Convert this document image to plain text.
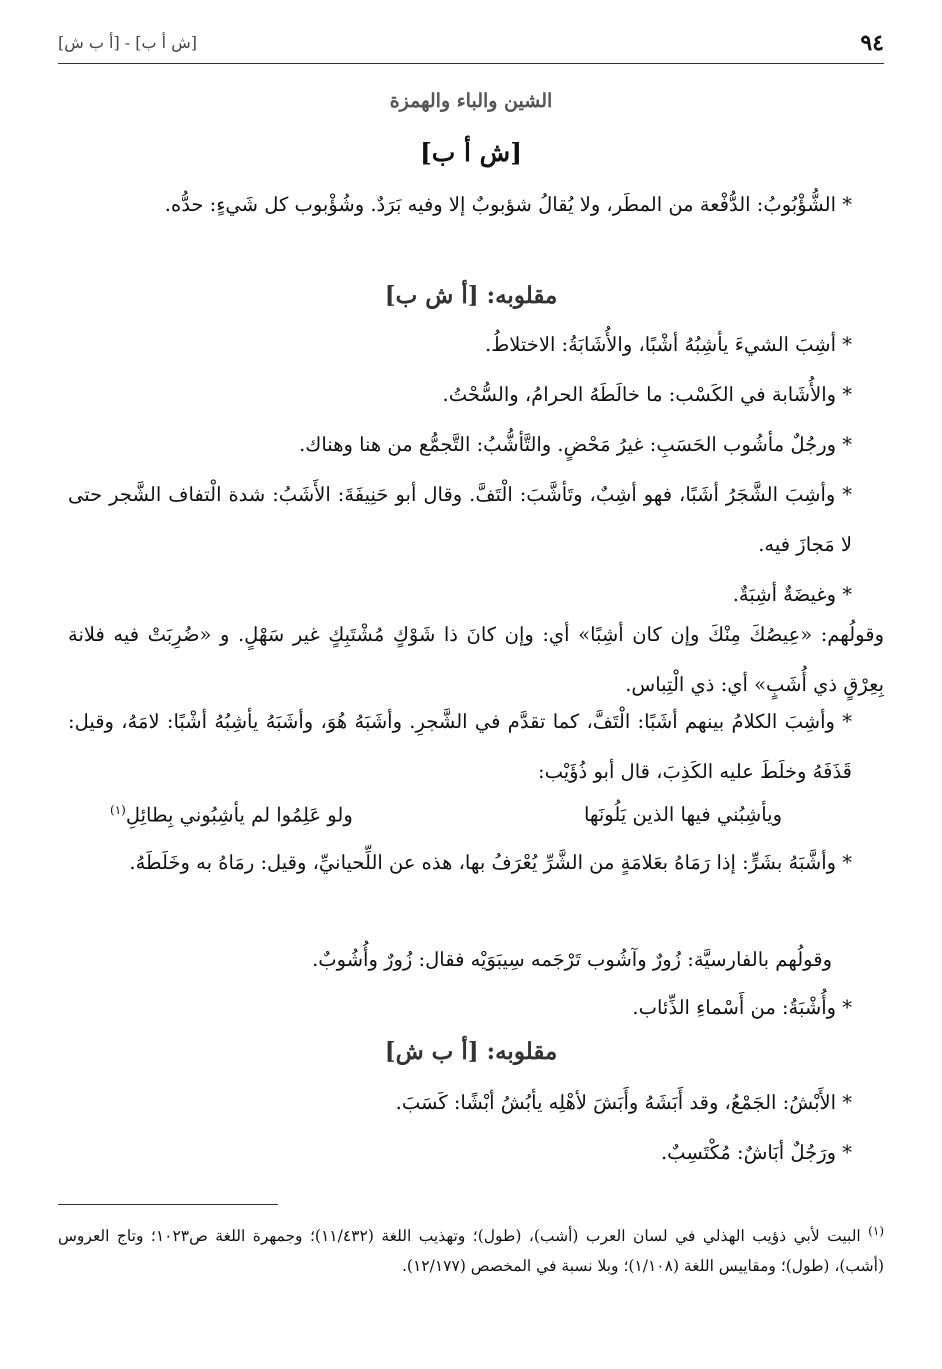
٩٤
[ش أ ب] - [أ ب ش]
الشين والباء والهمزة
[ش أ ب]
* الشُّؤْبُوبُ: الدُّفْعة من المطَر، ولا يُقالُ شؤبوبٌ إلا وفيه بَرَدٌ. وشُؤْبوب كل شَيءٍ: حدُّه.
مقلوبه: [أ ش ب]
* أشِبَ الشيءَ يأشِبُهُ أشْبًا، والأُشَابَةُ: الاختلاطُ.
* والأُشَابة في الكَسْب: ما خالَطَهُ الحرامُ، والسُّحْتُ.
* ورجُلٌ مأشُوب الحَسَبِ: غيرُ مَحْضٍ. والتَّأشُّبُ: التَّجمُّع من هنا وهناك.
* وأشِبَ الشَّجَرُ أشَبًا، فهو أشِبٌ، وتَأشَّبَ: الْتَفَّ. وقال أبو حَنِيفَةَ: الأَشَبُ: شدة الْتفاف الشَّجر حتى لا مَجازَ فيه.
* وغيضَةٌ أشِبَةٌ.
وقولُهم: «عِيصُكَ مِنْكَ وإن كان أشِبًا» أي: وإن كانَ ذا شَوْكٍ مُشْتَبِكٍ غير سَهْلٍ. و «ضُرِبَتْ فيه فلانة بِعِرْقٍ ذي أُشَبٍ» أي: ذي الْتِباس.
* وأشِبَ الكلامُ بينهم أشَبًا: الْتَفَّ، كما تقدَّم في الشَّجرِ. وأشَبَهُ هُوَ، وأشَبَهُ يأشِبُهُ أشْبًا: لامَهُ، وقيل: قَذَفَهُ وخلَطَ عليه الكَذِبَ، قال أبو ذُؤَيْب:
ويأشِبُني فيها الذين يَلُونَها
ولو عَلِمُوا لم يأشِبُوني بِطائِلِ$^{(١)}$
* وأشَّبَهُ بشَرٍّ: إذا رَمَاهُ بعَلامَةٍ من الشَّرِّ يُعْرَفُ بها، هذه عن اللِّحيانيِّ، وقيل: رمَاهُ به وخَلَطَهُ.
وقولُهم بالفارسيَّة: زُورٌ وآشُوب تَرْجَمه سِيبَوَيْه فقال: زُورٌ وأُشُوبٌ.
* وأُشْبَةُ: من أَسْماءِ الذِّئاب.
مقلوبه: [أ ب ش]
* الأَبْشُ: الجَمْعُ، وقد أَبَشَهُ وأَبَشَ لأهْلِه يأبُشُ أبْشًا: كَسَبَ.
* ورَجُلٌ أبَاشٌ: مُكْتَسِبٌ.
$^{(١)}$ البيت لأبي ذؤيب الهذلي في لسان العرب (أشب)، (طول)؛ وتهذيب اللغة (١١/٤٣٢)؛ وجمهرة اللغة ص١٠٢٣؛ وتاج العروس (أشب)، (طول)؛ ومقاييس اللغة (١/١٠٨)؛ وبلا نسبة في المخصص (١٢/١٧٧).
